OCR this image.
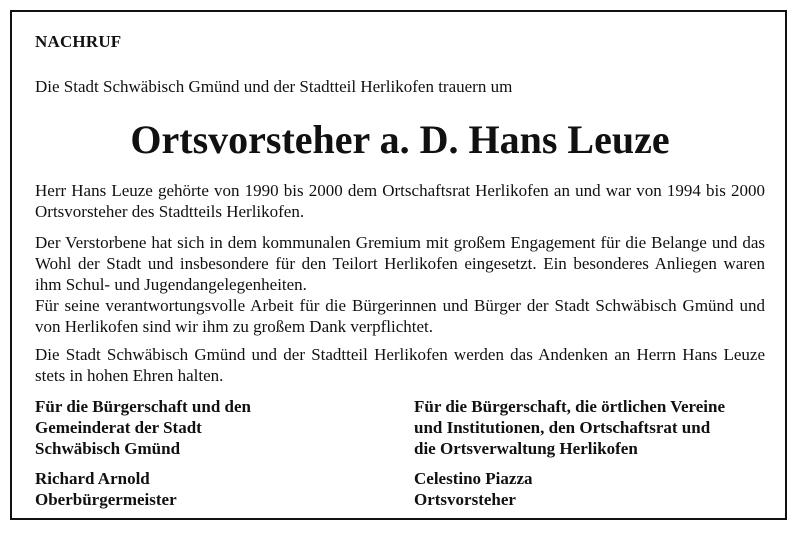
NACHRUF
Die Stadt Schwäbisch Gmünd und der Stadtteil Herlikofen trauern um
Ortsvorsteher a. D. Hans Leuze

Herr Hans Leuze gehörte von 1990 bis 2000 dem Ortschaftsrat Herlikofen an und war von 1994 bis 2000 Ortsvorsteher des Stadtteils Herlikofen.

Der Verstorbene hat sich in dem kommunalen Gremium mit großem Engagement für die Belange und das Wohl der Stadt und insbesondere für den Teilort Herlikofen eingesetzt. Ein besonderes Anliegen waren ihm Schul- und Jugendangelegenheiten.

Für seine verantwortungsvolle Arbeit für die Bürgerinnen und Bürger der Stadt Schwäbisch Gmünd und von Herlikofen sind wir ihm zu großem Dank verpflichtet.

Die Stadt Schwäbisch Gmünd und der Stadtteil Herlikofen werden das Andenken an Herrn Hans Leuze stets in hohen Ehren halten.

Für die Bürgerschaft und den
Gemeinderat der Stadt
Schwäbisch Gmünd
Für die Bürgerschaft, die örtlichen Vereine
und Institutionen, den Ortschaftsrat und
die Ortsverwaltung Herlikofen
Richard Arnold
Oberbürgermeister
Celestino Piazza
Ortsvorsteher
